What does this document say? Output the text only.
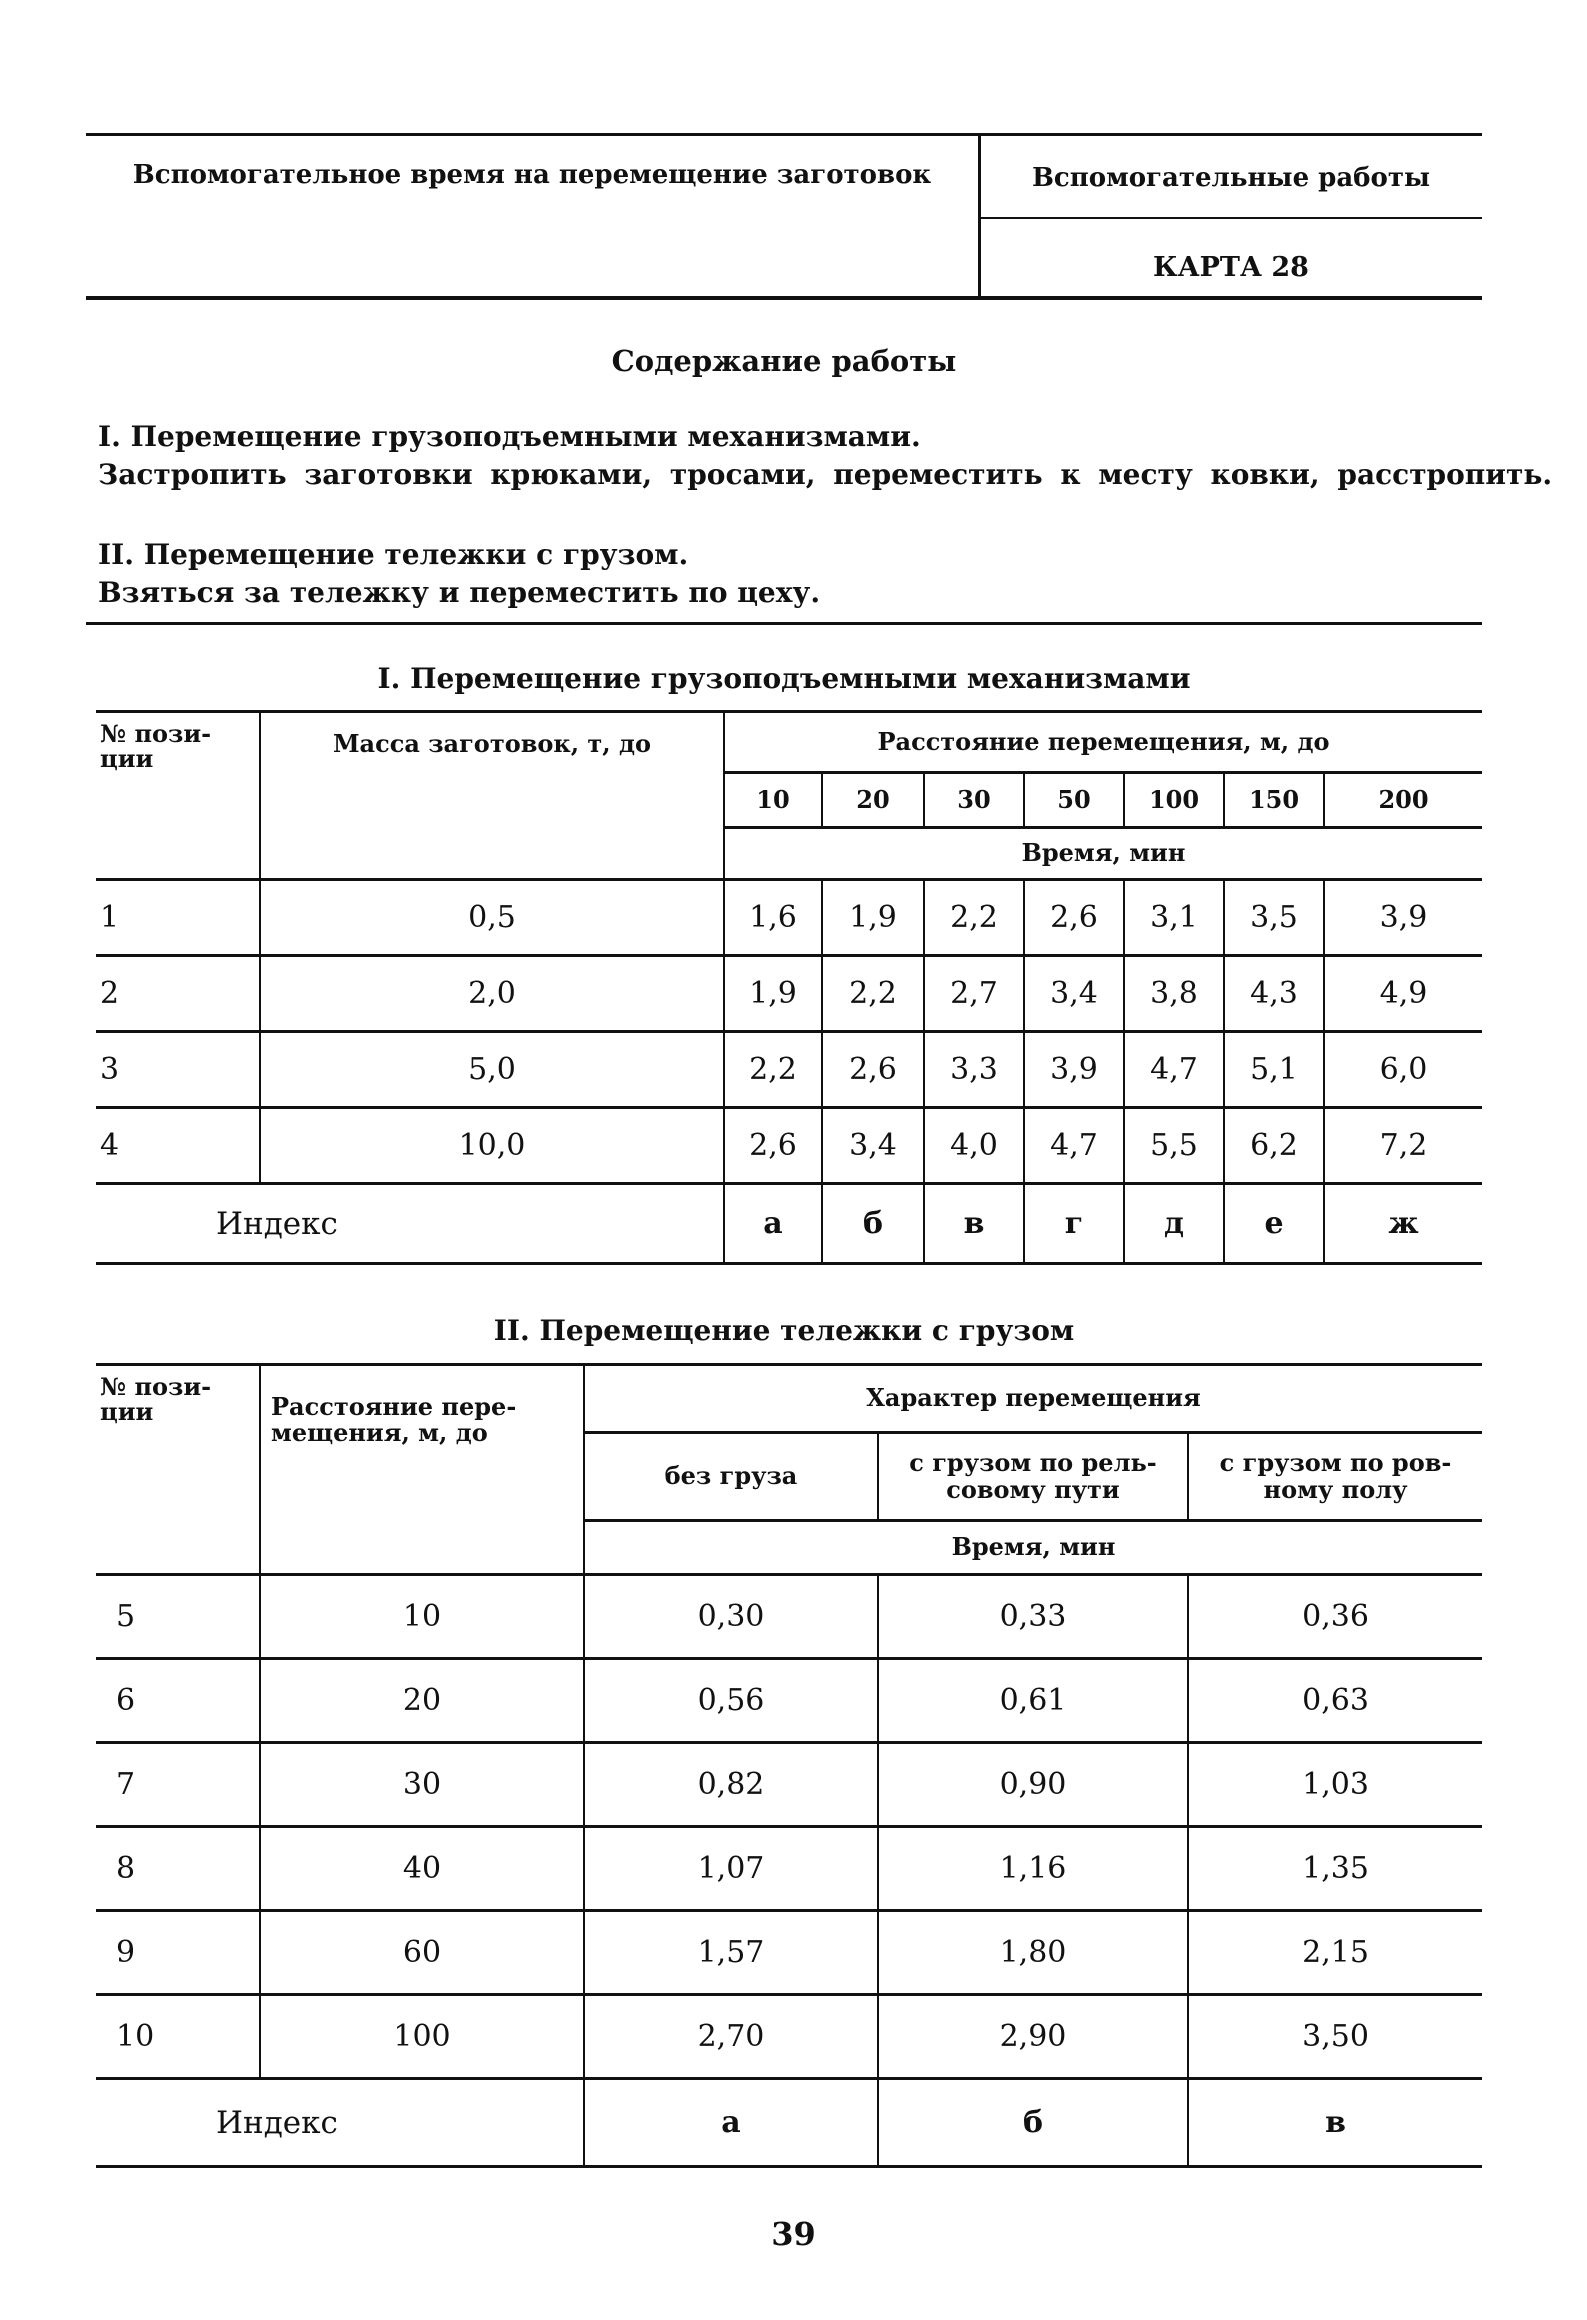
Вспомогательное время на перемещение заготовок	Вспомогательные работы
КАРТА 28
Содержание работы
I. Перемещение грузоподъемными механизмами.
Застропить заготовки крюками, тросами, переместить к месту ковки, расстропить.
II. Перемещение тележки с грузом.
Взяться за тележку и переместить по цеху.
I. Перемещение грузоподъемными механизмами
№ пози-ции	Масса заготовок, т, до	Расстояние перемещения, м, до						
		10	20	30	50	100	150	200
		Время, мин						
1	0,5	1,6	1,9	2,2	2,6	3,1	3,5	3,9
2	2,0	1,9	2,2	2,7	3,4	3,8	4,3	4,9
3	5,0	2,2	2,6	3,3	3,9	4,7	5,1	6,0
4	10,0	2,6	3,4	4,0	4,7	5,5	6,2	7,2
Индекс		а	б	в	г	д	е	ж
II. Перемещение тележки с грузом
№ пози-ции	Расстояние пере-мещения, м, до	Характер перемещения		
		без груза	с грузом по рель-совому пути	с грузом по ров-ному полу
		Время, мин		
5	10	0,30	0,33	0,36
6	20	0,56	0,61	0,63
7	30	0,82	0,90	1,03
8	40	1,07	1,16	1,35
9	60	1,57	1,80	2,15
10	100	2,70	2,90	3,50
Индекс		а	б	в
39
